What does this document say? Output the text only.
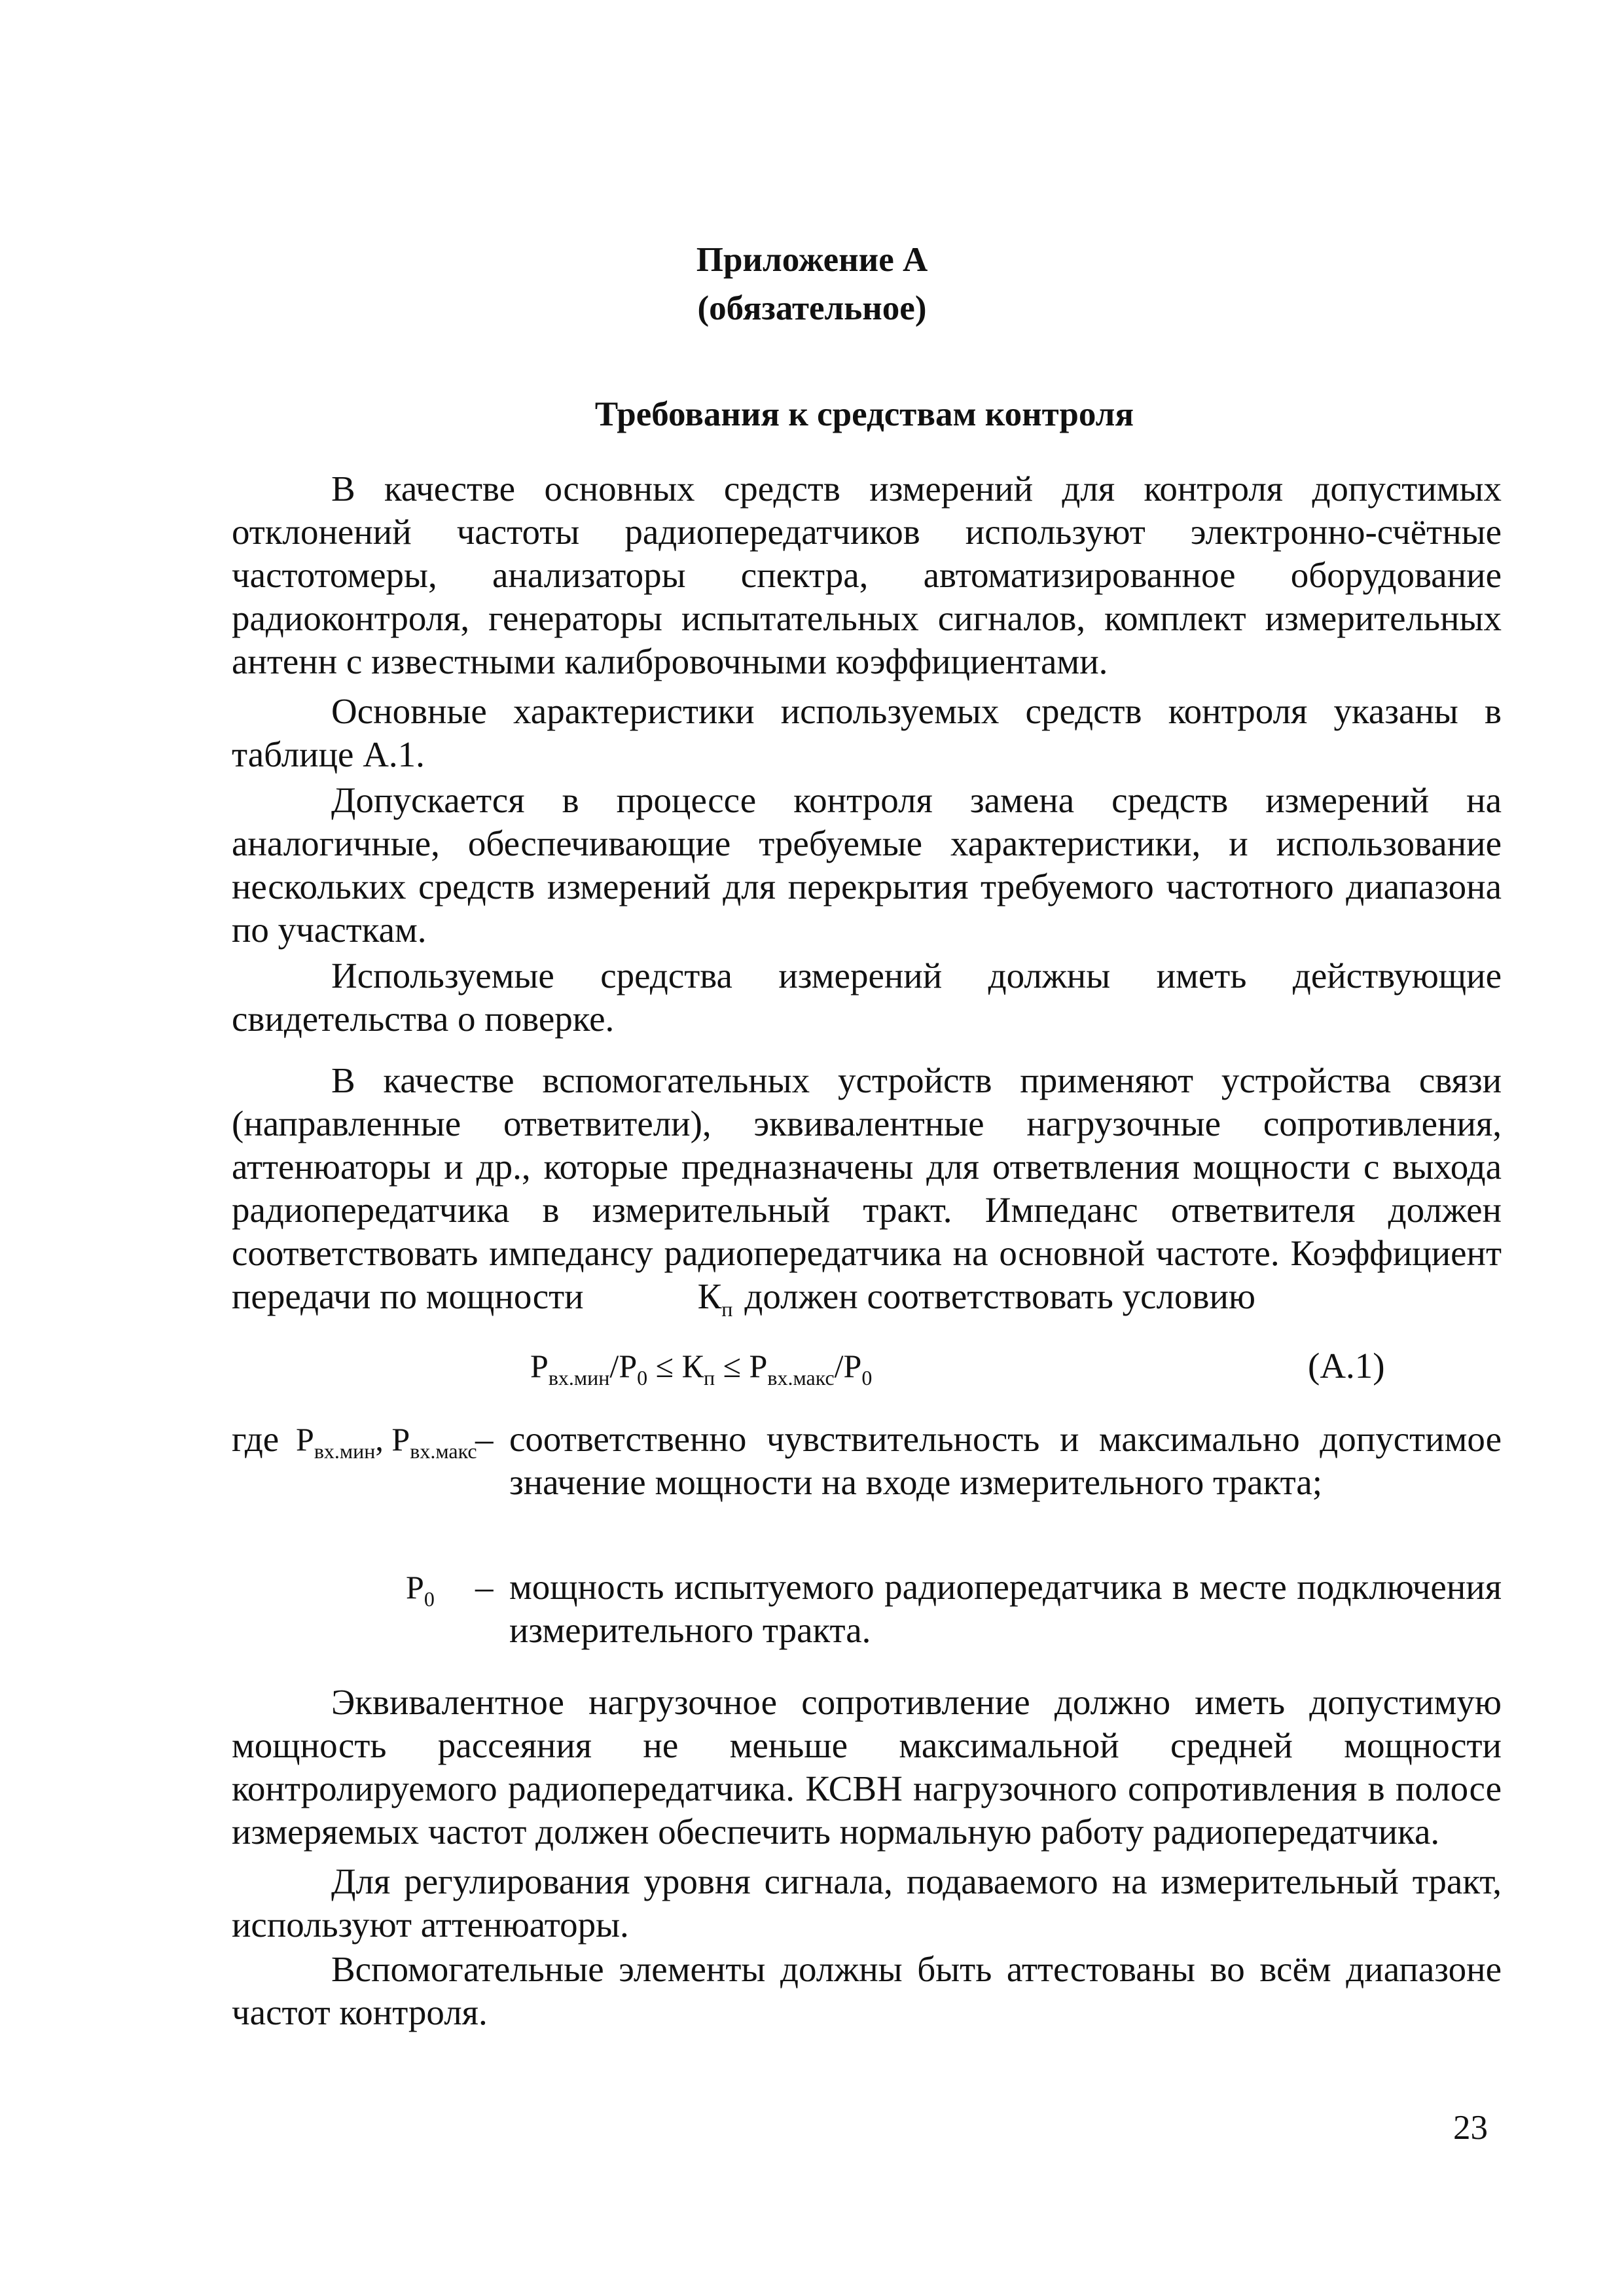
Приложение А
(обязательное)
Требования к средствам контроля

В качестве основных средств измерений для контроля допустимых отклонений частоты радиопередатчиков используют электронно-счётные частотомеры, анализаторы спектра, автоматизированное оборудование радиоконтроля, генераторы испытательных сигналов, комплект измерительных антенн с известными калибровочными коэффициентами.

Основные характеристики используемых средств контроля указаны в таблице А.1.

Допускается в процессе контроля замена средств измерений на аналогичные, обеспечивающие требуемые характеристики, и использование нескольких средств измерений для перекрытия требуемого частотного диапазона по участкам.

Используемые средства измерений должны иметь действующие свидетельства о поверке.

В качестве вспомогательных устройств применяют устройства связи (направленные ответвители), эквивалентные нагрузочные сопротивления, аттенюаторы и др., которые предназначены для ответвления мощности с выхода радиопередатчика в измерительный тракт. Импеданс ответвителя должен соответствовать импедансу радиопередатчика на основной частоте. Коэффициент передачи по мощности	$К_п$ должен соответствовать условию

$Р_{вх.мин}/Р_0 \le К_п \le Р_{вх.макс}/Р_0$	(А.1)
где $Р_{вх.мин}$, $Р_{вх.макс}$
– соответственно чувствительность и максимально допустимое значение мощности на входе измерительного тракта;

$Р_0$ – мощность испытуемого радиопередатчика в месте подключения измерительного тракта.

Эквивалентное нагрузочное сопротивление должно иметь допустимую мощность рассеяния не меньше максимальной средней мощности контролируемого радиопередатчика. КСВН нагрузочного сопротивления в полосе измеряемых частот должен обеспечить нормальную работу радиопередатчика.

Для регулирования уровня сигнала, подаваемого на измерительный тракт, используют аттенюаторы.

Вспомогательные элементы должны быть аттестованы во всём диапазоне частот контроля.

23
